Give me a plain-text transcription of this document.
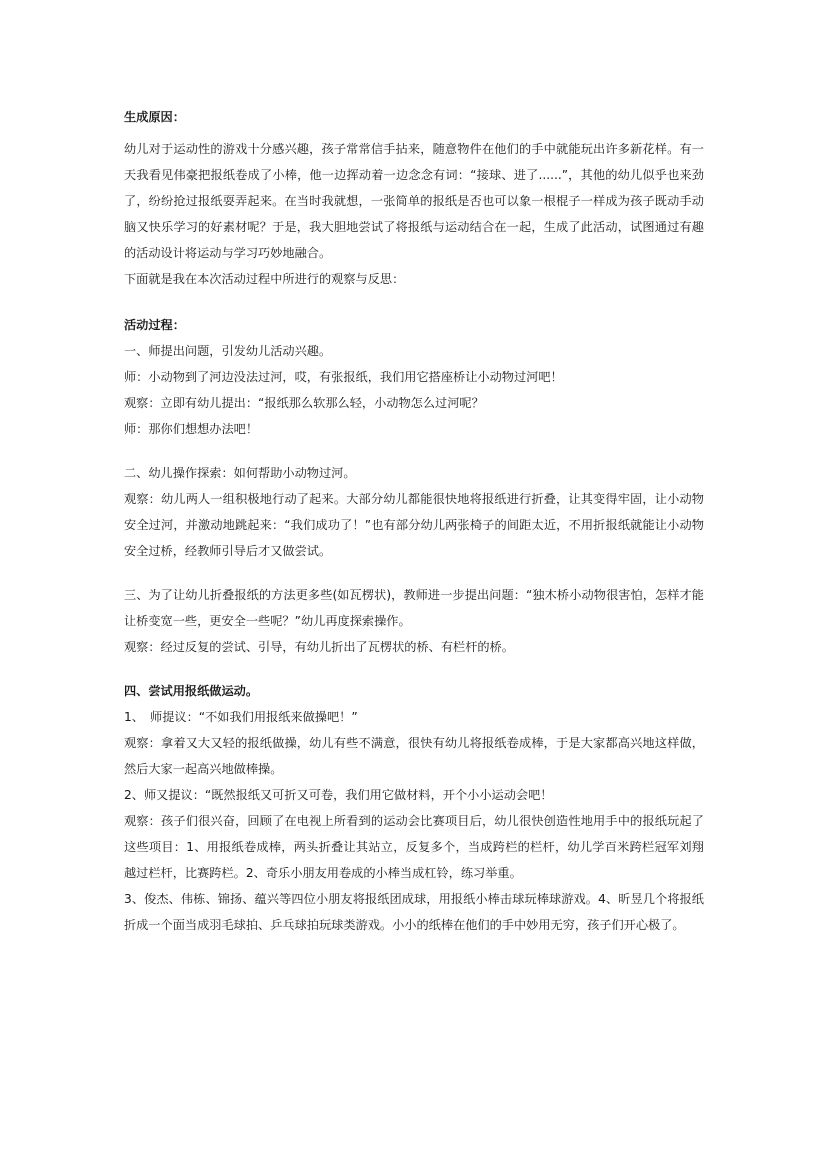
生成原因：

幼儿对于运动性的游戏十分感兴趣，孩子常常信手拈来，随意物件在他们的手中就能玩出许多新花样。有一天我看见伟豪把报纸卷成了小棒，他一边挥动着一边念念有词：“接球、进了......”，其他的幼儿似乎也来劲了，纷纷抢过报纸耍弄起来。在当时我就想，一张简单的报纸是否也可以象一根棍子一样成为孩子既动手动脑又快乐学习的好素材呢？于是，我大胆地尝试了将报纸与运动结合在一起，生成了此活动，试图通过有趣的活动设计将运动与学习巧妙地融合。

下面就是我在本次活动过程中所进行的观察与反思：

活动过程：

一、师提出问题，引发幼儿活动兴趣。

师：小动物到了河边没法过河，哎，有张报纸，我们用它搭座桥让小动物过河吧！

观察：立即有幼儿提出：“报纸那么软那么轻，小动物怎么过河呢？

师：那你们想想办法吧！

二、幼儿操作探索：如何帮助小动物过河。

观察：幼儿两人一组积极地行动了起来。大部分幼儿都能很快地将报纸进行折叠，让其变得牢固，让小动物安全过河，并激动地跳起来：“我们成功了！”也有部分幼儿两张椅子的间距太近，不用折报纸就能让小动物安全过桥，经教师引导后才又做尝试。

三、为了让幼儿折叠报纸的方法更多些(如瓦楞状)，教师进一步提出问题：“独木桥小动物很害怕，怎样才能让桥变宽一些，更安全一些呢？”幼儿再度探索操作。

观察：经过反复的尝试、引导，有幼儿折出了瓦楞状的桥、有栏杆的桥。

四、尝试用报纸做运动。

1、　师提议：“不如我们用报纸来做操吧！”

观察：拿着又大又轻的报纸做操，幼儿有些不满意，很快有幼儿将报纸卷成棒，于是大家都高兴地这样做，然后大家一起高兴地做棒操。

2、师又提议：“既然报纸又可折又可卷，我们用它做材料，开个小小运动会吧！

观察：孩子们很兴奋，回顾了在电视上所看到的运动会比赛项目后，幼儿很快创造性地用手中的报纸玩起了这些项目：1、用报纸卷成棒，两头折叠让其站立，反复多个，当成跨栏的栏杆，幼儿学百米跨栏冠军刘翔越过栏杆，比赛跨栏。2、奇乐小朋友用卷成的小棒当成杠铃，练习举重。

3、俊杰、伟栋、锦扬、蕴兴等四位小朋友将报纸团成球，用报纸小棒击球玩棒球游戏。4、昕昱几个将报纸折成一个面当成羽毛球拍、乒乓球拍玩球类游戏。小小的纸棒在他们的手中妙用无穷，孩子们开心极了。
